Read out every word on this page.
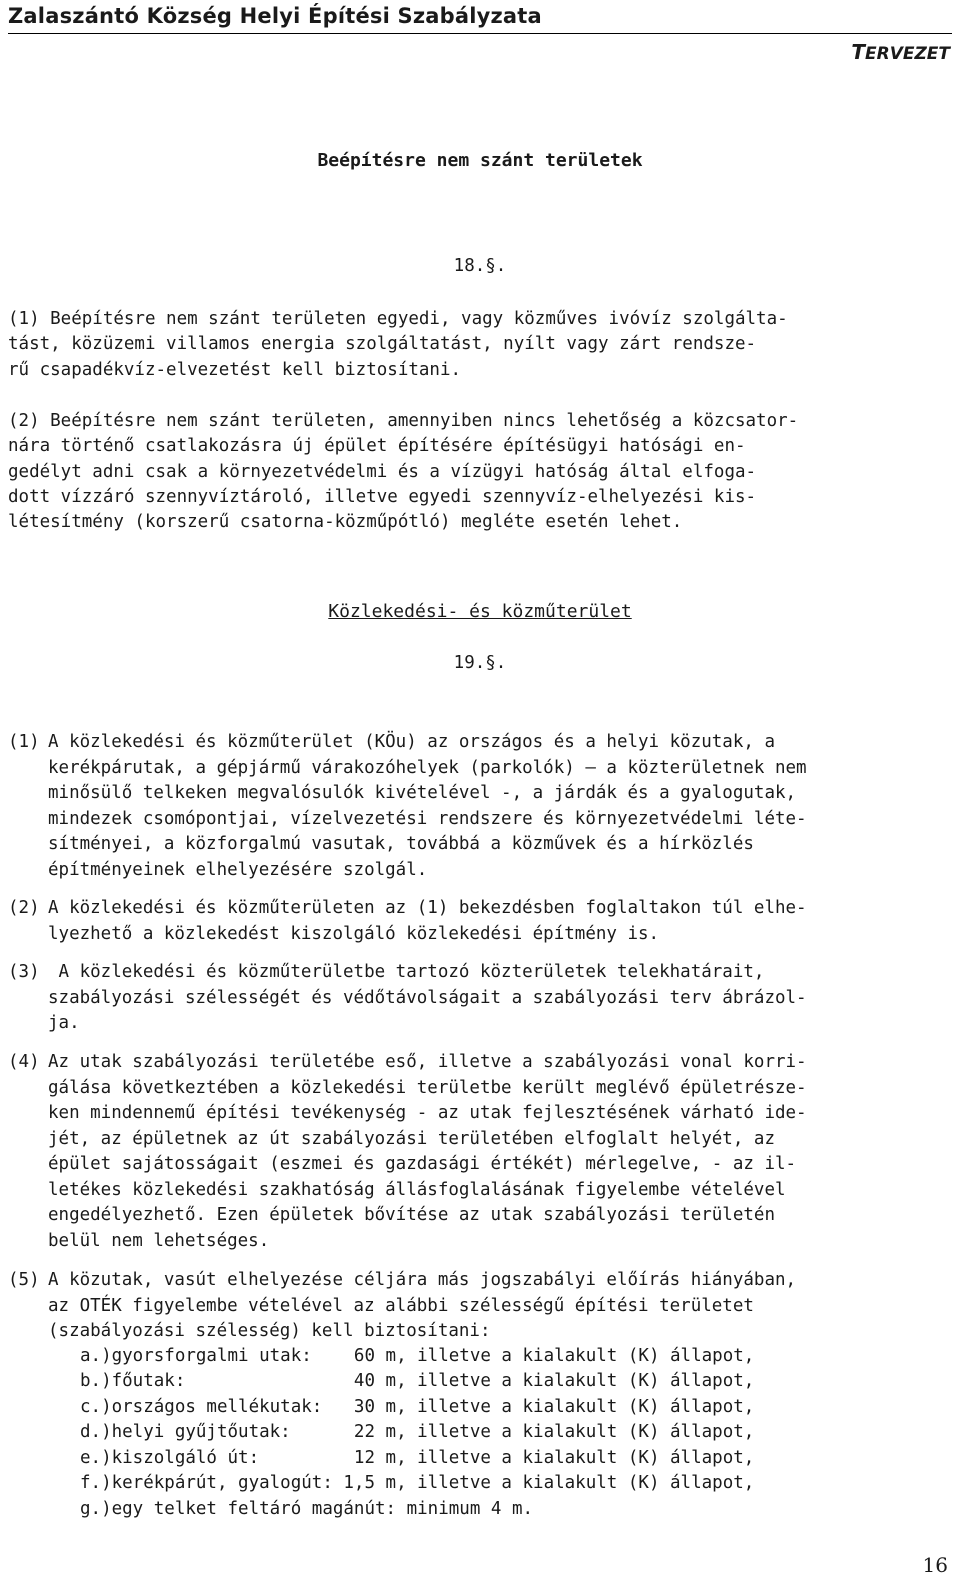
Zalaszántó Község Helyi Építési Szabályzata
TERVEZET
Beépítésre nem szánt területek
18.§.
(1) Beépítésre nem szánt területen egyedi, vagy közműves ivóvíz szolgálta-
tást, közüzemi villamos energia szolgáltatást, nyílt vagy zárt rendsze-
rű csapadékvíz-elvezetést kell biztosítani.
(2) Beépítésre nem szánt területen, amennyiben nincs lehetőség a közcsator-
nára történő csatlakozásra új épület építésére építésügyi hatósági en-
gedélyt adni csak a környezetvédelmi és a vízügyi hatóság által elfoga-
dott vízzáró szennyvíztároló, illetve egyedi szennyvíz-elhelyezési kis-
létesítmény (korszerű csatorna-közműpótló) megléte esetén lehet.
Közlekedési- és közműterület
19.§.
(1) A közlekedési és közműterület (KÖu) az országos és a helyi közutak, a
kerékpárutak, a gépjármű várakozóhelyek (parkolók) – a közterületnek nem
minősülő telkeken megvalósulók kivételével -, a járdák és a gyalogutak,
mindezek csomópontjai, vízelvezetési rendszere és környezetvédelmi léte-
sítményei, a közforgalmú vasutak, továbbá a közművek és a hírközlés
építményeinek elhelyezésére szolgál.
(2) A közlekedési és közműterületen az (1) bekezdésben foglaltakon túl elhe-
lyezhető a közlekedést kiszolgáló közlekedési építmény is.
(3)	A közlekedési és közműterületbe tartozó közterületek telekhatárait,
szabályozási szélességét és védőtávolságait a szabályozási terv ábrázol-
ja.
(4) Az utak szabályozási területébe eső, illetve a szabályozási vonal korri-
gálása következtében a közlekedési területbe került meglévő épületrésze-
ken mindennemű építési tevékenység - az utak fejlesztésének várható ide-
jét, az épületnek az út szabályozási területében elfoglalt helyét, az
épület sajátosságait (eszmei és gazdasági értékét) mérlegelve, - az il-
letékes közlekedési szakhatóság állásfoglalásának figyelembe vételével
engedélyezhető. Ezen épületek bővítése az utak szabályozási területén
belül nem lehetséges.
(5) A közutak, vasút elhelyezése céljára más jogszabályi előírás hiányában,
az OTÉK figyelembe vételével az alábbi szélességű építési területet
(szabályozási szélesség) kell biztosítani:
a.)gyorsforgalmi utak:    60 m, illetve a kialakult (K) állapot,
b.)főutak:                40 m, illetve a kialakult (K) állapot,
c.)országos mellékutak:   30 m, illetve a kialakult (K) állapot,
d.)helyi gyűjtőutak:      22 m, illetve a kialakult (K) állapot,
e.)kiszolgáló út:         12 m, illetve a kialakult (K) állapot,
f.)kerékpárút, gyalogút: 1,5 m, illetve a kialakult (K) állapot,
g.)egy telket feltáró magánút: minimum 4 m.
16
